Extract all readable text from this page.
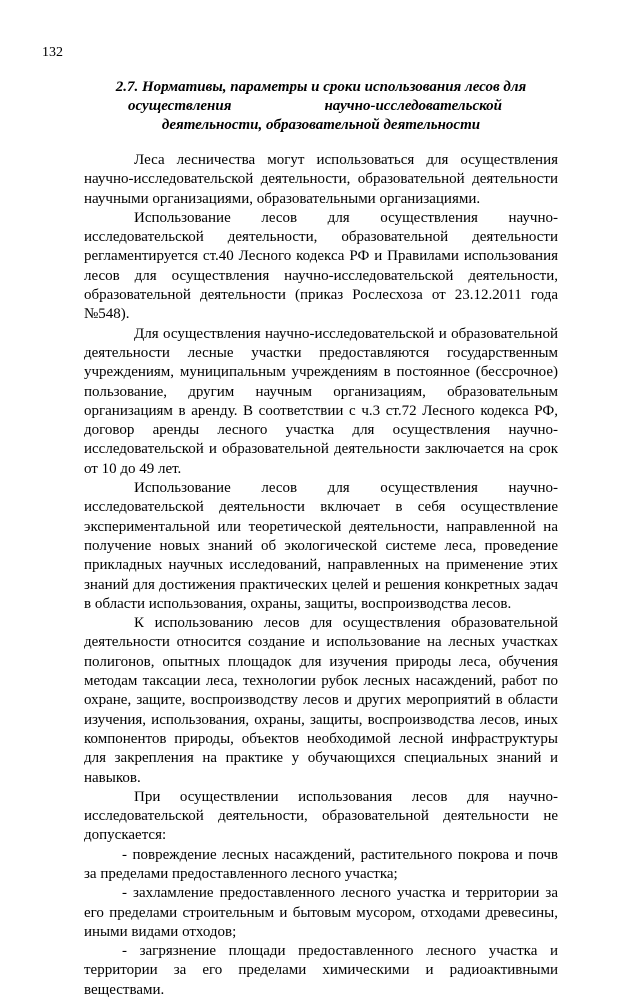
132
2.7. Нормативы, параметры и сроки использования лесов для
осуществления	научно-исследовательской
деятельности, образовательной деятельности

Леса лесничества могут использоваться для осуществления научно-исследовательской деятельности, образовательной деятельности научными организациями, образовательными организациями.

Использование лесов для осуществления научно-исследовательской деятельности, образовательной деятельности регламентируется ст.40 Лесного кодекса РФ и Правилами использования лесов для осуществления научно-исследовательской деятельности, образовательной деятельности (приказ Рослесхоза от 23.12.2011 года №548).

Для осуществления научно-исследовательской и образовательной деятельности лесные участки предоставляются государственным учреждениям, муниципальным учреждениям в постоянное (бессрочное) пользование, другим научным организациям, образовательным организациям в аренду. В соответствии с ч.3 ст.72 Лесного кодекса РФ, договор аренды лесного участка для осуществления научно-исследовательской и образовательной деятельности заключается на срок от 10 до 49 лет.

Использование лесов для осуществления научно-исследовательской деятельности включает в себя осуществление экспериментальной или теоретической деятельности, направленной на получение новых знаний об экологической системе леса, проведение прикладных научных исследований, направленных на применение этих знаний для достижения практических целей и решения конкретных задач в области использования, охраны, защиты, воспроизводства лесов.

К использованию лесов для осуществления образовательной деятельности относится создание и использование на лесных участках полигонов, опытных площадок для изучения природы леса, обучения методам таксации леса, технологии рубок лесных насаждений, работ по охране, защите, воспроизводству лесов и других мероприятий в области изучения, использования, охраны, защиты, воспроизводства лесов, иных компонентов природы, объектов необходимой лесной инфраструктуры для закрепления на практике у обучающихся специальных знаний и навыков.

При осуществлении использования лесов для научно-исследовательской деятельности, образовательной деятельности не допускается:

- повреждение лесных насаждений, растительного покрова и почв за пределами предоставленного лесного участка;

- захламление предоставленного лесного участка и территории за его пределами строительным и бытовым мусором, отходами древесины, иными видами отходов;

- загрязнение площади предоставленного лесного участка и территории за его пределами химическими и радиоактивными веществами.
